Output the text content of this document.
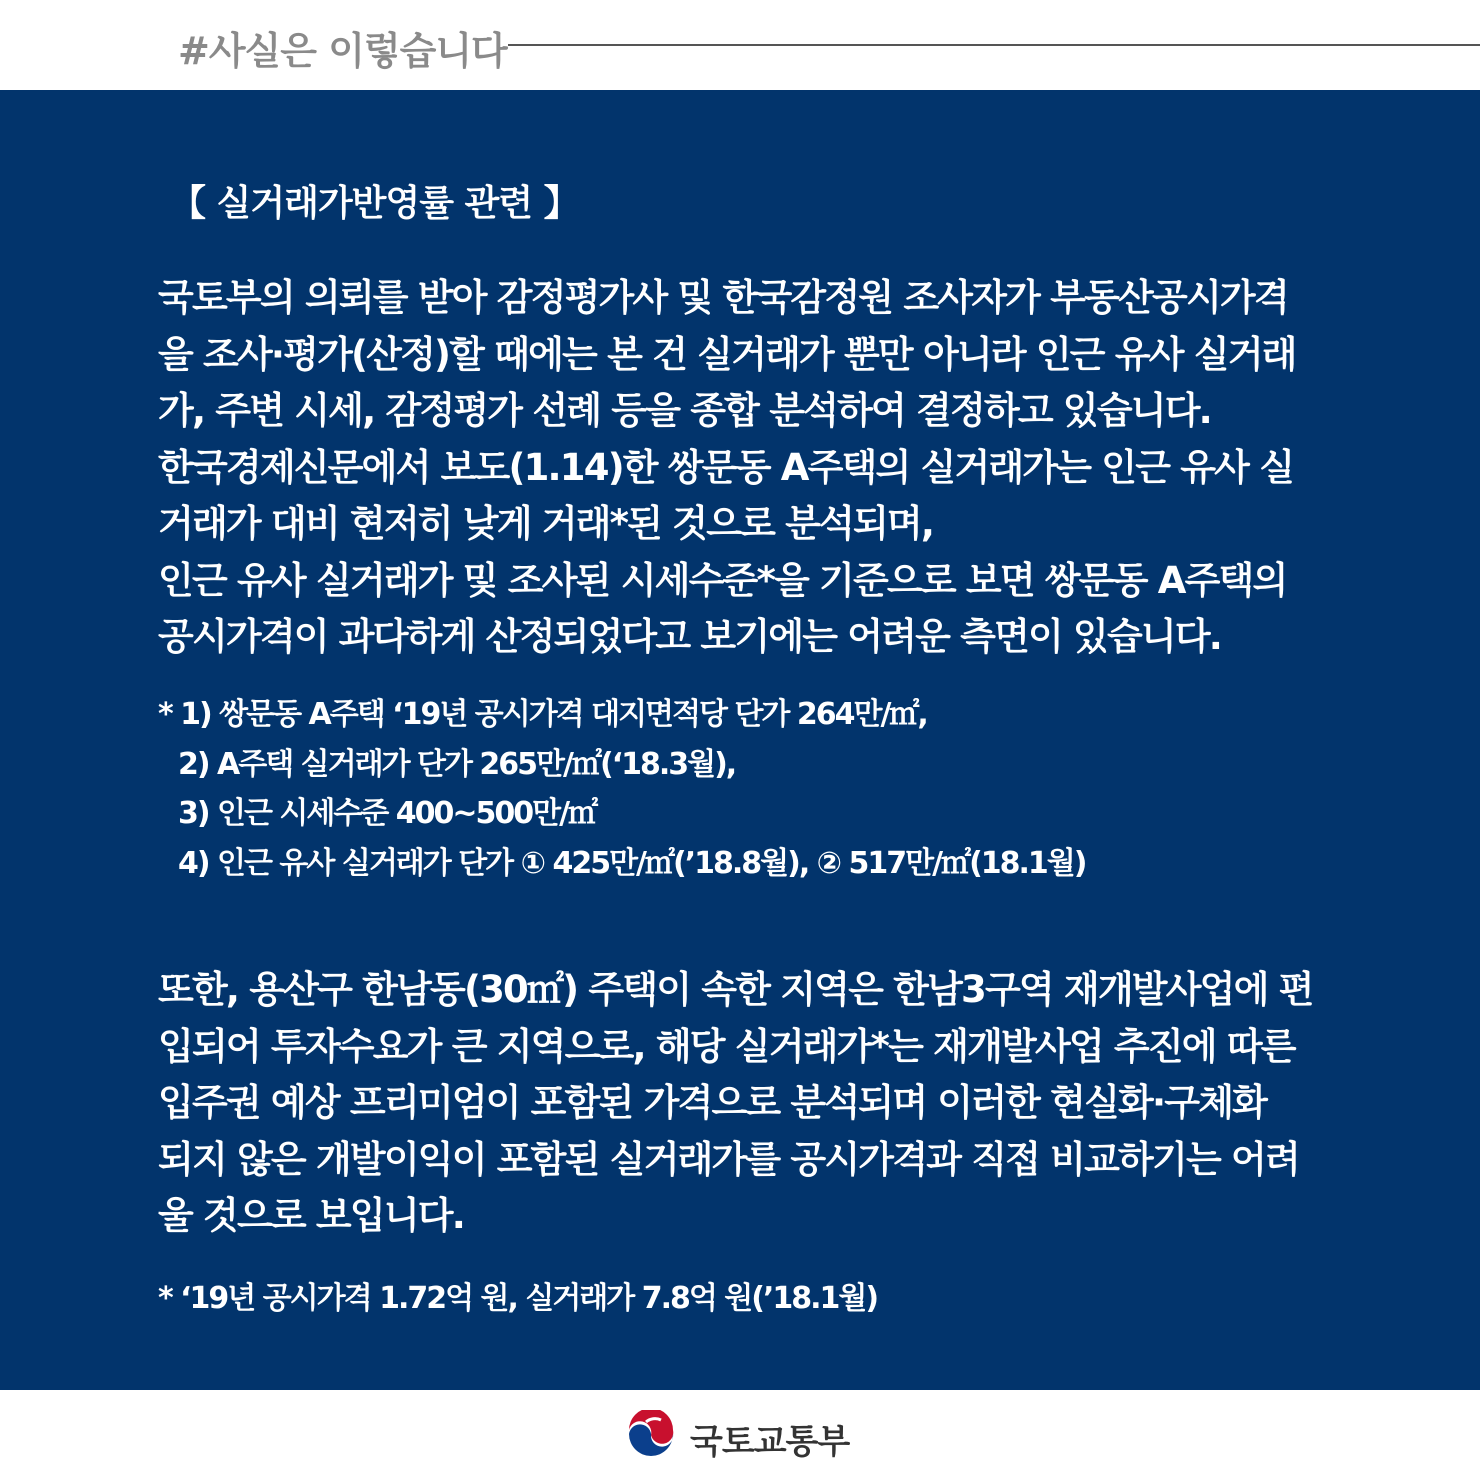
#사실은 이렇습니다
【 실거래가반영률 관련 】
국토부의 의뢰를 받아 감정평가사 및 한국감정원 조사자가 부동산공시가격
을 조사·평가(산정)할 때에는 본 건 실거래가 뿐만 아니라 인근 유사 실거래
가, 주변 시세, 감정평가 선례 등을 종합 분석하여 결정하고 있습니다.
한국경제신문에서 보도(1.14)한 쌍문동 A주택의 실거래가는 인근 유사 실
거래가 대비 현저히 낮게 거래*된 것으로 분석되며,
인근 유사 실거래가 및 조사된 시세수준*을 기준으로 보면 쌍문동 A주택의
공시가격이 과다하게 산정되었다고 보기에는 어려운 측면이 있습니다.
* 1) 쌍문동 A주택 ‘19년 공시가격 대지면적당 단가 264만/㎡,
2) A주택 실거래가 단가 265만/㎡(‘18.3월),
3) 인근 시세수준 400~500만/㎡
4) 인근 유사 실거래가 단가 ① 425만/㎡(’18.8월), ② 517만/㎡(18.1월)
또한, 용산구 한남동(30㎡) 주택이 속한 지역은 한남3구역 재개발사업에 편
입되어 투자수요가 큰 지역으로, 해당 실거래가*는 재개발사업 추진에 따른
입주권 예상 프리미엄이 포함된 가격으로 분석되며 이러한 현실화·구체화
되지 않은 개발이익이 포함된 실거래가를 공시가격과 직접 비교하기는 어려
울 것으로 보입니다.
* ‘19년 공시가격 1.72억 원, 실거래가 7.8억 원(’18.1월)
국토교통부
